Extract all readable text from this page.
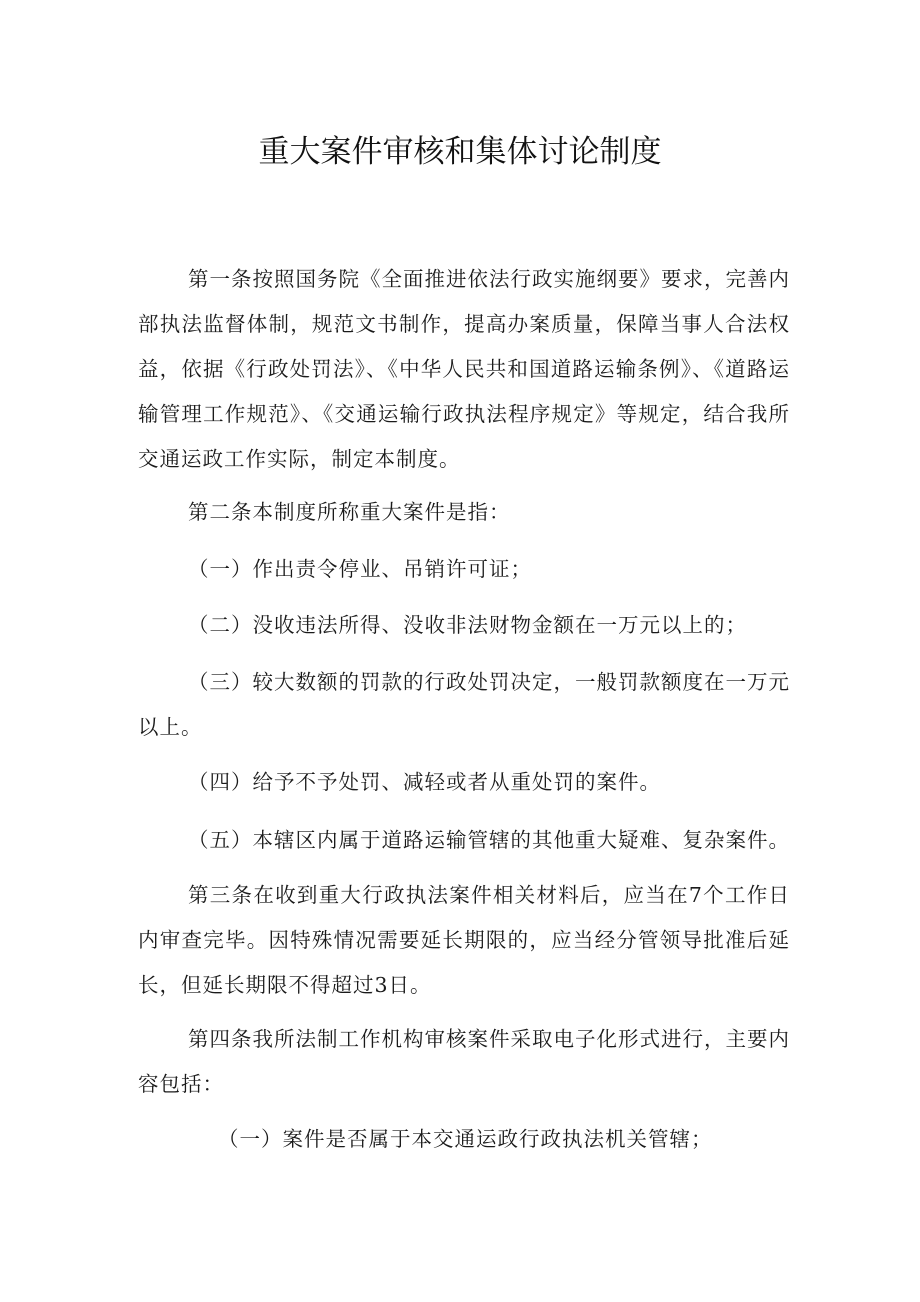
重大案件审核和集体讨论制度

第一条按照国务院《全面推进依法行政实施纲要》要求，完善内部执法监督体制，规范文书制作，提高办案质量，保障当事人合法权益，依据《行政处罚法》、《中华人民共和国道路运输条例》、《道路运输管理工作规范》、《交通运输行政执法程序规定》等规定，结合我所交通运政工作实际，制定本制度。

第二条本制度所称重大案件是指：

（一）作出责令停业、吊销许可证；

（二）没收违法所得、没收非法财物金额在一万元以上的；

（三）较大数额的罚款的行政处罚决定，一般罚款额度在一万元以上。

（四）给予不予处罚、减轻或者从重处罚的案件。

（五）本辖区内属于道路运输管辖的其他重大疑难、复杂案件。

第三条在收到重大行政执法案件相关材料后，应当在7个工作日内审查完毕。因特殊情况需要延长期限的，应当经分管领导批准后延长，但延长期限不得超过3日。

第四条我所法制工作机构审核案件采取电子化形式进行，主要内容包括：

（一）案件是否属于本交通运政行政执法机关管辖；
